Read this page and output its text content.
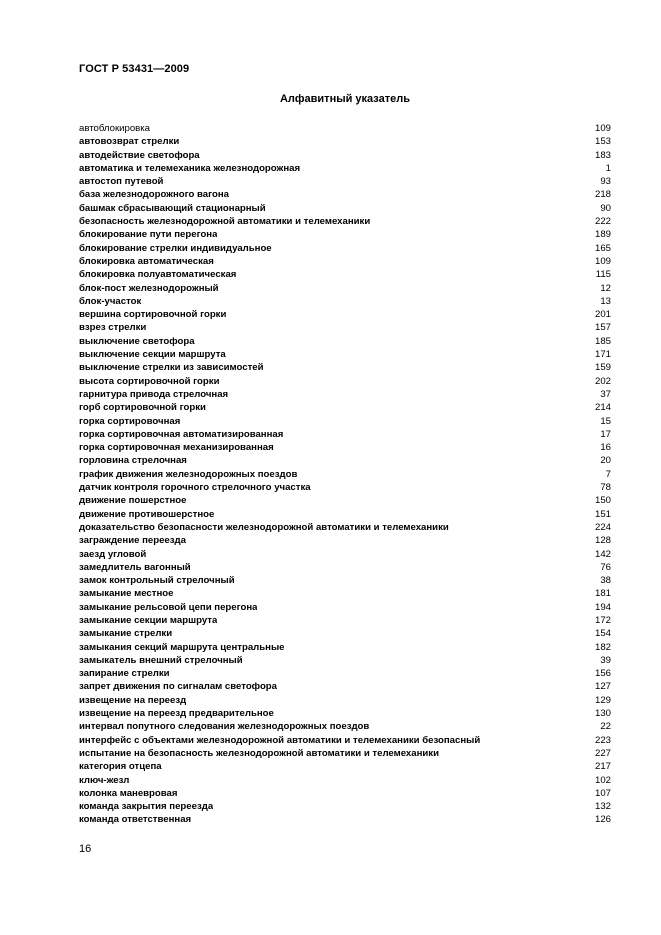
ГОСТ Р 53431—2009
Алфавитный указатель
автоблокировка	109
автовозврат стрелки	153
автодействие светофора	183
автоматика и телемеханика железнодорожная	1
автостоп путевой	93
база железнодорожного вагона	218
башмак сбрасывающий стационарный	90
безопасность железнодорожной автоматики и телемеханики	222
блокирование пути перегона	189
блокирование стрелки индивидуальное	165
блокировка автоматическая	109
блокировка полуавтоматическая	115
блок-пост железнодорожный	12
блок-участок	13
вершина сортировочной горки	201
взрез стрелки	157
выключение светофора	185
выключение секции маршрута	171
выключение стрелки из зависимостей	159
высота сортировочной горки	202
гарнитура привода стрелочная	37
горб сортировочной горки	214
горка сортировочная	15
горка сортировочная автоматизированная	17
горка сортировочная механизированная	16
горловина стрелочная	20
график движения железнодорожных поездов	7
датчик контроля горочного стрелочного участка	78
движение пошерстное	150
движение противошерстное	151
доказательство безопасности железнодорожной автоматики и телемеханики	224
заграждение переезда	128
заезд угловой	142
замедлитель вагонный	76
замок контрольный стрелочный	38
замыкание местное	181
замыкание рельсовой цепи перегона	194
замыкание секции маршрута	172
замыкание стрелки	154
замыкания секций маршрута центральные	182
замыкатель внешний стрелочный	39
запирание стрелки	156
запрет движения по сигналам светофора	127
извещение на переезд	129
извещение на переезд предварительное	130
интервал попутного следования железнодорожных поездов	22
интерфейс с объектами железнодорожной автоматики и телемеханики безопасный	223
испытание на безопасность железнодорожной автоматики и телемеханики	227
категория отцепа	217
ключ-жезл	102
колонка маневровая	107
команда закрытия переезда	132
команда ответственная	126
16
